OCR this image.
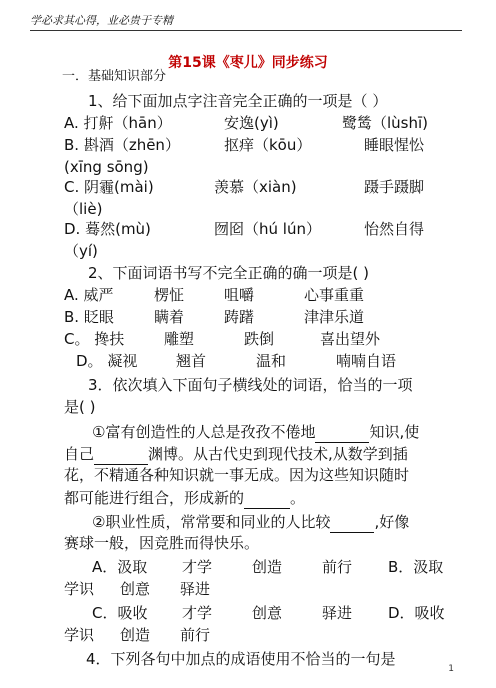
学必求其心得，业必贵于专精
第15课《枣儿》同步练习
一．基础知识部分
1、给下面加点字注音完全正确的一项是（ ）
A. 打鼾（hān）	安逸(yì)	鹭鸶（lùshī)
B. 斟酒（zhēn）	抠痒（kōu）	睡眼惺忪
(xīng sōng)
C. 阴霾(mài)	羡慕（xiàn)	蹑手蹑脚
（liè)
D. 蓦然(mù)	囫囵（hú lún）	怡然自得
（yí)
2、下面词语书写不完全正确的确一项是( )
A. 威严	楞怔	咀嚼	心事重重
B. 眨眼	瞒着	踌躇	津津乐道
C。 搀扶	雕塑	跌倒	喜出望外
D。 凝视	翘首	温和	喃喃自语
3．依次填入下面句子横线处的词语，恰当的一项
是( )
①富有创造性的人总是孜孜不倦地	知识,使
自己	渊博。从古代史到现代技术,从数学到插
花，不精通各种知识就一事无成。因为这些知识随时
都可能进行组合，形成新的	。
②职业性质，常常要和同业的人比较	,好像
赛球一般，因竞胜而得快乐。
A．汲取 才学	创造	前行 B．汲取
学识 创意 驿进
C．吸收 才学	创意	驿进 D．吸收
学识 创造 前行
4．下列各句中加点的成语使用不恰当的一句是
1
